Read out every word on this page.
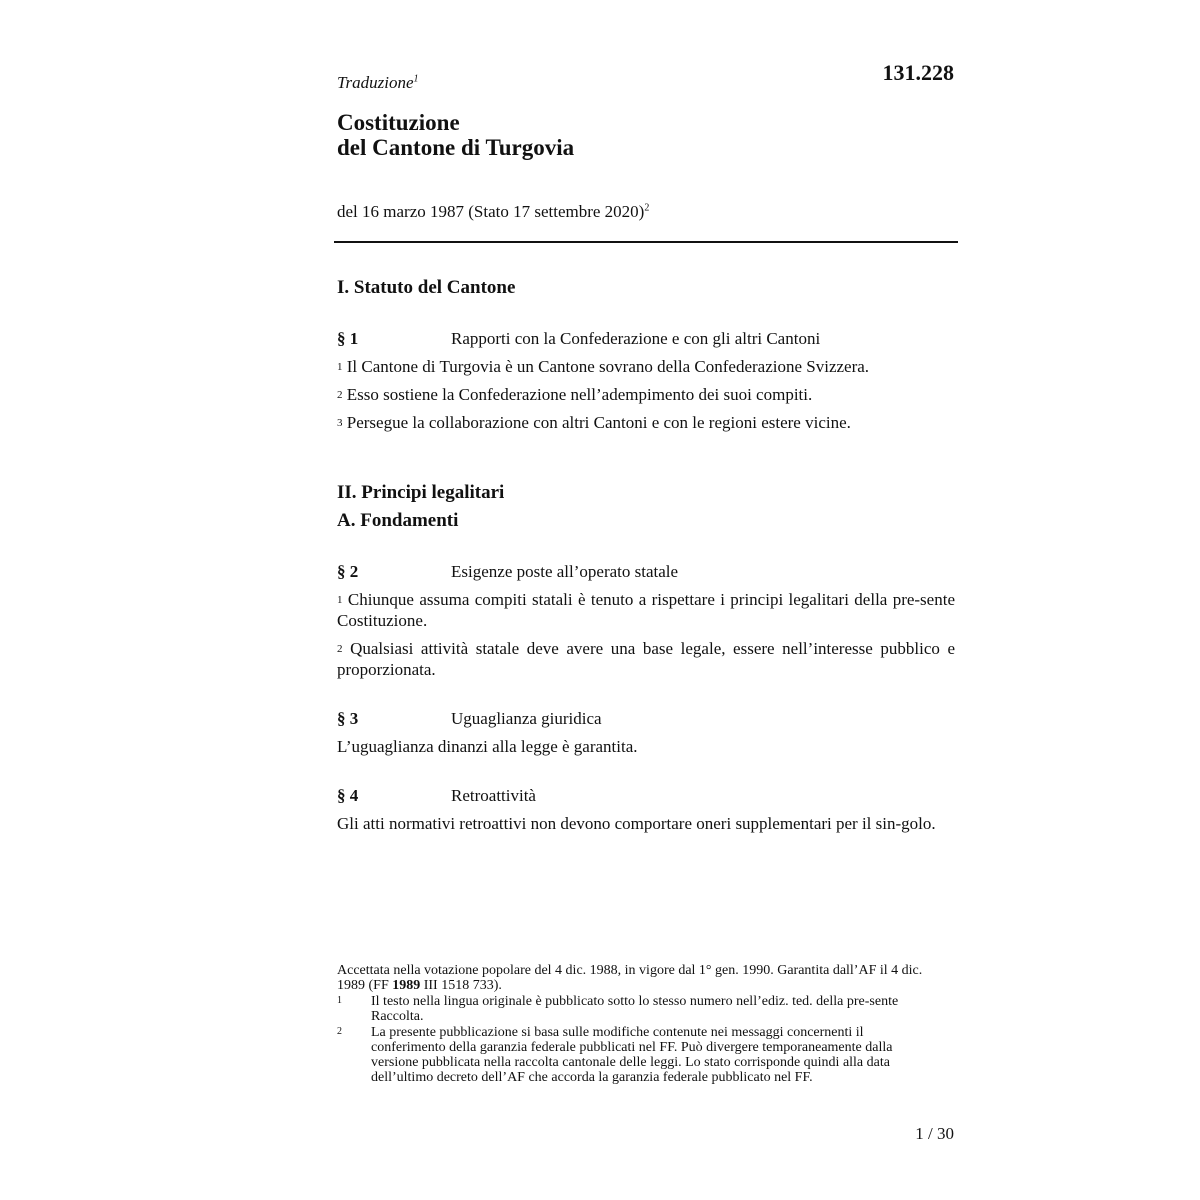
Traduzione$^1$	131.228
Costituzione
del Cantone di Turgovia
del 16 marzo 1987 (Stato 17 settembre 2020)$^2$
I. Statuto del Cantone
§ 1	Rapporti con la Confederazione e con gli altri Cantoni
$^1$ Il Cantone di Turgovia è un Cantone sovrano della Confederazione Svizzera.
$^2$ Esso sostiene la Confederazione nell’adempimento dei suoi compiti.
$^3$ Persegue la collaborazione con altri Cantoni e con le regioni estere vicine.
II. Principi legalitari
A. Fondamenti
§ 2	Esigenze poste all’operato statale
$^1$ Chiunque assuma compiti statali è tenuto a rispettare i principi legalitari della pre-sente Costituzione.
$^2$ Qualsiasi attività statale deve avere una base legale, essere nell’interesse pubblico e proporzionata.
§ 3	Uguaglianza giuridica
L’uguaglianza dinanzi alla legge è garantita.
§ 4	Retroattività
Gli atti normativi retroattivi non devono comportare oneri supplementari per il sin-golo.
Accettata nella votazione popolare del 4 dic. 1988, in vigore dal 1° gen. 1990. Garantita dall’AF il 4 dic. 1989 (FF 1989 III 1518 733).
1	Il testo nella lingua originale è pubblicato sotto lo stesso numero nell’ediz. ted. della pre-sente Raccolta.
2	La presente pubblicazione si basa sulle modifiche contenute nei messaggi concernenti il conferimento della garanzia federale pubblicati nel FF. Può divergere temporaneamente dalla versione pubblicata nella raccolta cantonale delle leggi. Lo stato corrisponde quindi alla data dell’ultimo decreto dell’AF che accorda la garanzia federale pubblicato nel FF.
1 / 30
